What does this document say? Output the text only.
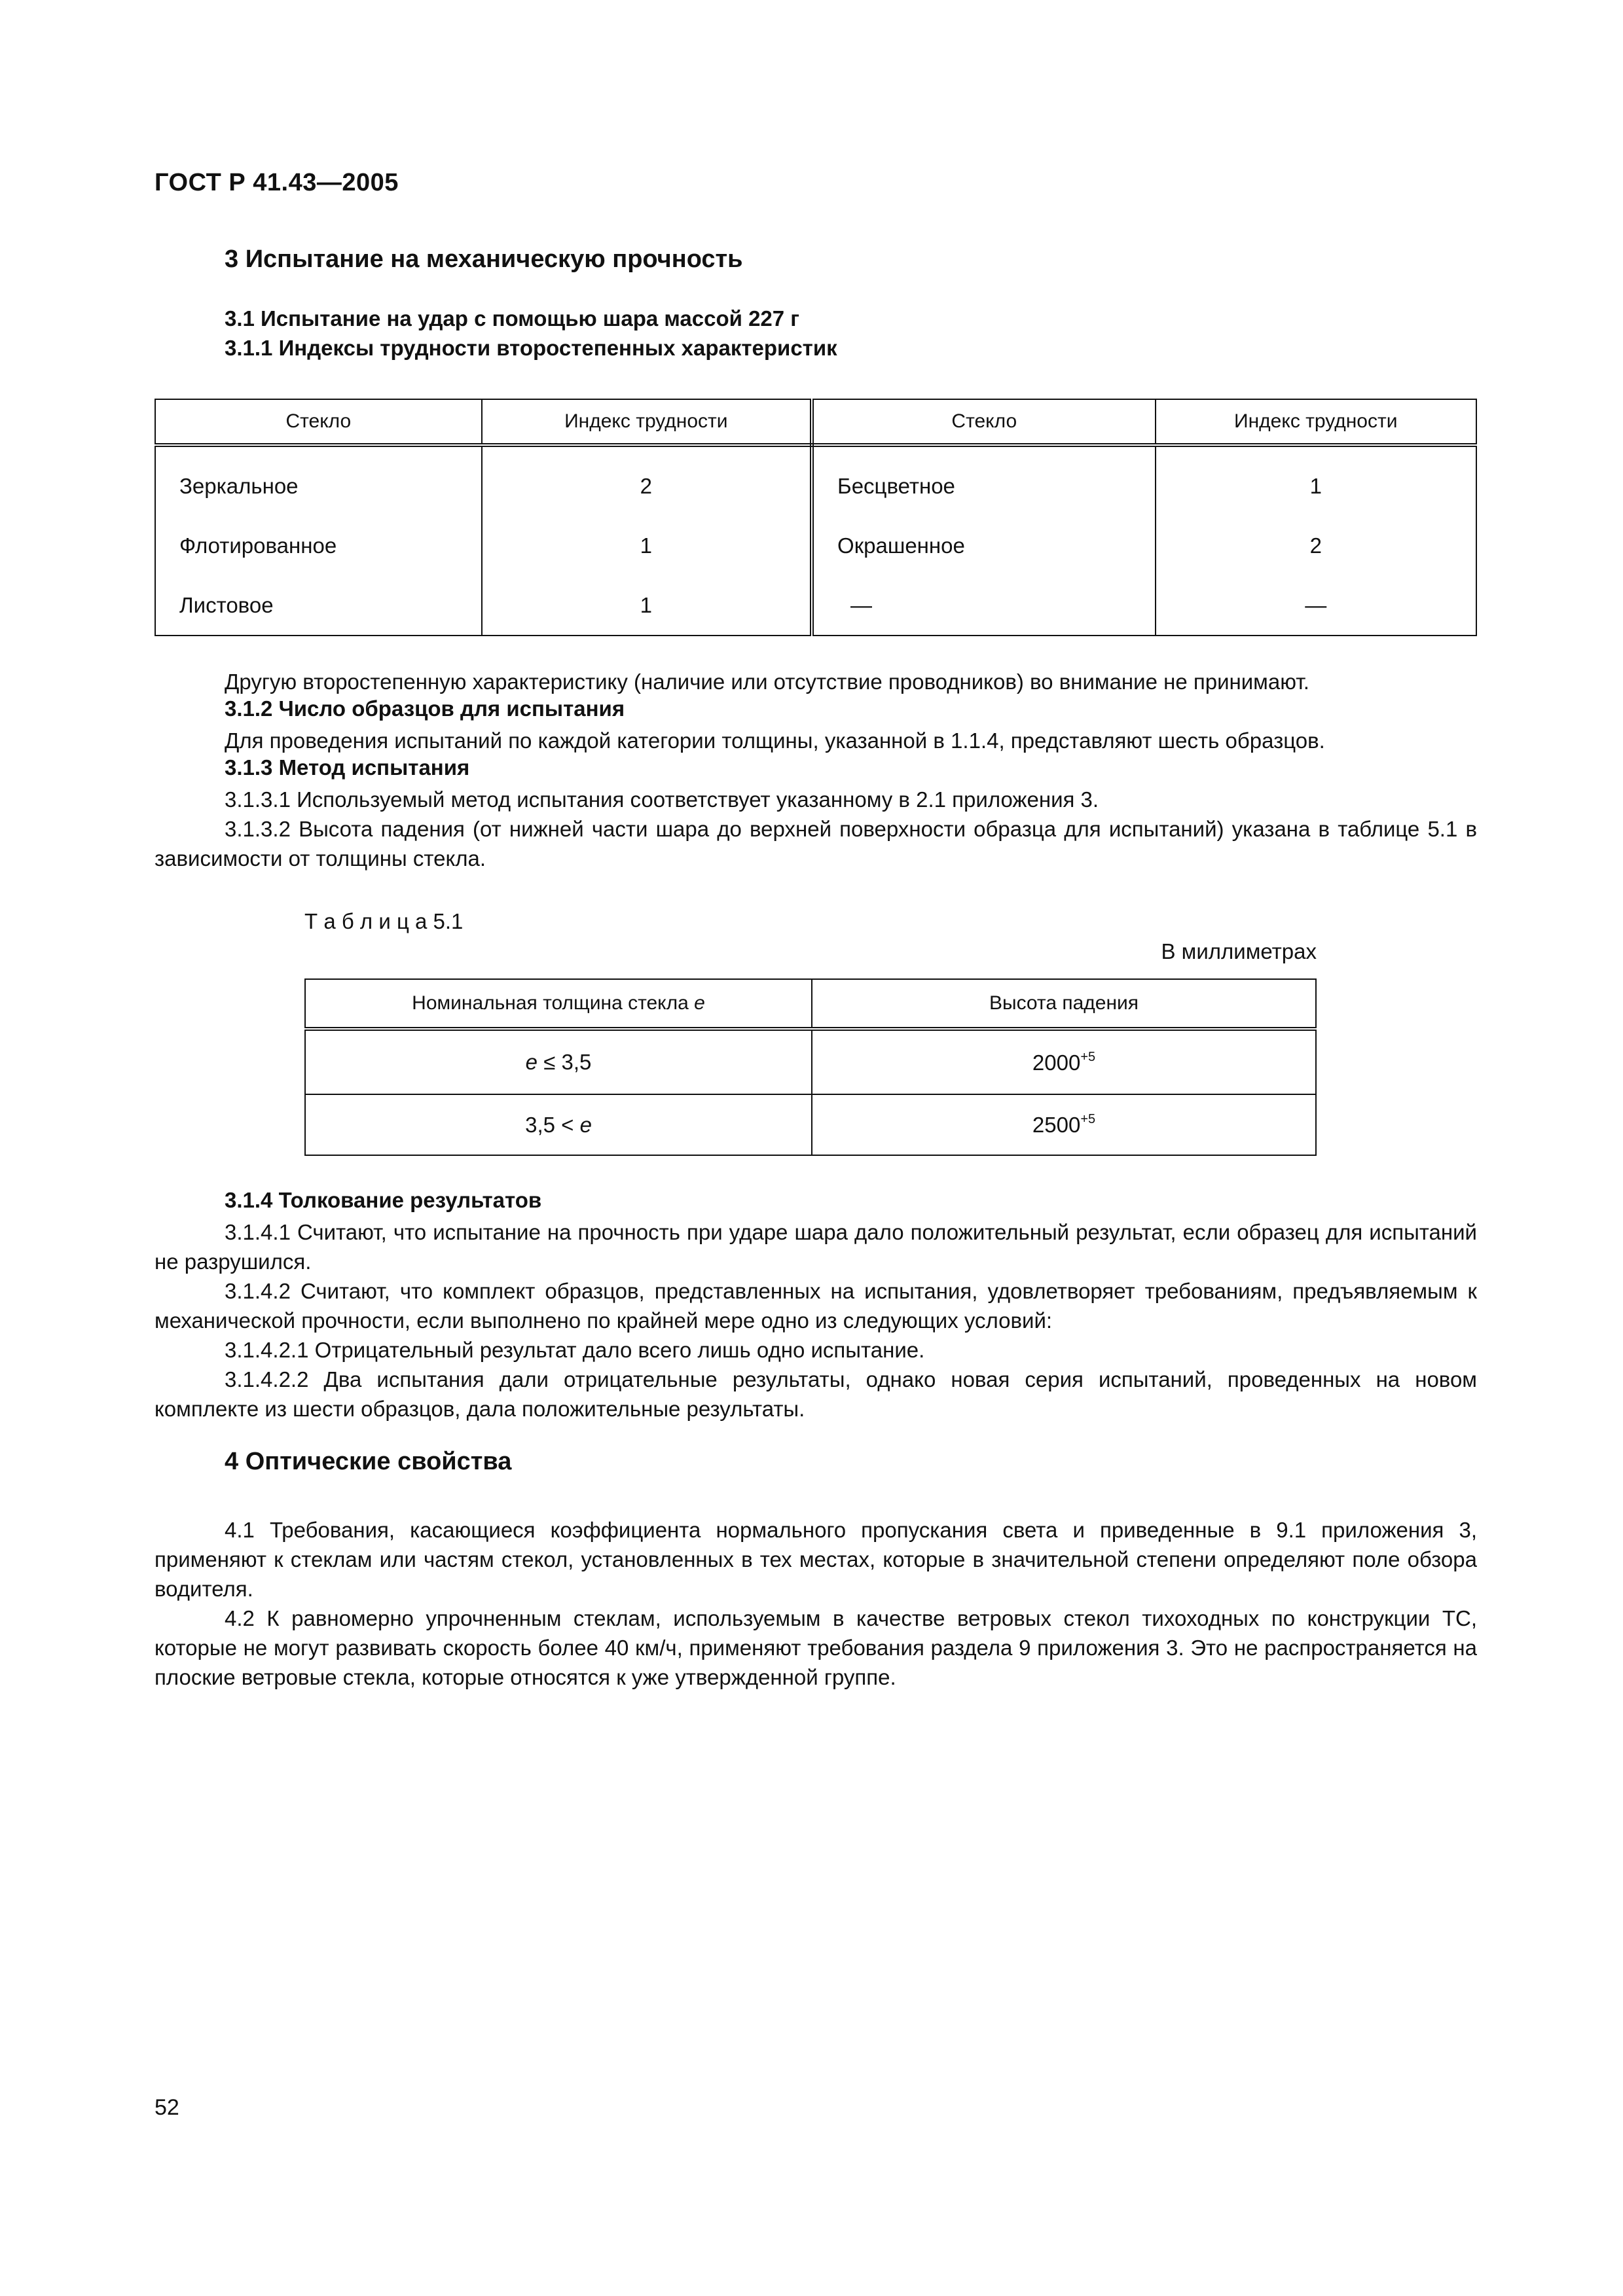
ГОСТ Р 41.43—2005
3 Испытание на механическую прочность
3.1 Испытание на удар с помощью шара массой 227 г
3.1.1 Индексы трудности второстепенных характеристик
Стекло	Индекс трудности	Стекло	Индекс трудности
Зеркальное	2	Бесцветное	1
Флотированное	1	Окрашенное	2
Листовое	1	—	—
Другую второстепенную характеристику (наличие или отсутствие проводников) во внимание не принимают.
3.1.2 Число образцов для испытания
Для проведения испытаний по каждой категории толщины, указанной в 1.1.4, представляют шесть образцов.
3.1.3 Метод испытания
3.1.3.1 Используемый метод испытания соответствует указанному в 2.1 приложения 3.

3.1.3.2 Высота падения (от нижней части шара до верхней поверхности образца для испытаний) указана в таблице 5.1 в зависимости от толщины стекла.

Т а б л и ц а 5.1
В миллиметрах
Номинальная толщина стекла e	Высота падения
e ≤ 3,5	$2000^{+5}$
3,5 < e	$2500^{+5}$
3.1.4 Толкование результатов

3.1.4.1 Считают, что испытание на прочность при ударе шара дало положительный результат, если образец для испытаний не разрушился.

3.1.4.2 Считают, что комплект образцов, представленных на испытания, удовлетворяет требованиям, предъявляемым к механической прочности, если выполнено по крайней мере одно из следующих условий:

3.1.4.2.1 Отрицательный результат дало всего лишь одно испытание.

3.1.4.2.2 Два испытания дали отрицательные результаты, однако новая серия испытаний, проведенных на новом комплекте из шести образцов, дала положительные результаты.

4 Оптические свойства

4.1 Требования, касающиеся коэффициента нормального пропускания света и приведенные в 9.1 приложения 3, применяют к стеклам или частям стекол, установленных в тех местах, которые в значительной степени определяют поле обзора водителя.

4.2 К равномерно упрочненным стеклам, используемым в качестве ветровых стекол тихоходных по конструкции ТС, которые не могут развивать скорость более 40 км/ч, применяют требования раздела 9 приложения 3. Это не распространяется на плоские ветровые стекла, которые относятся к уже утвержденной группе.

52
